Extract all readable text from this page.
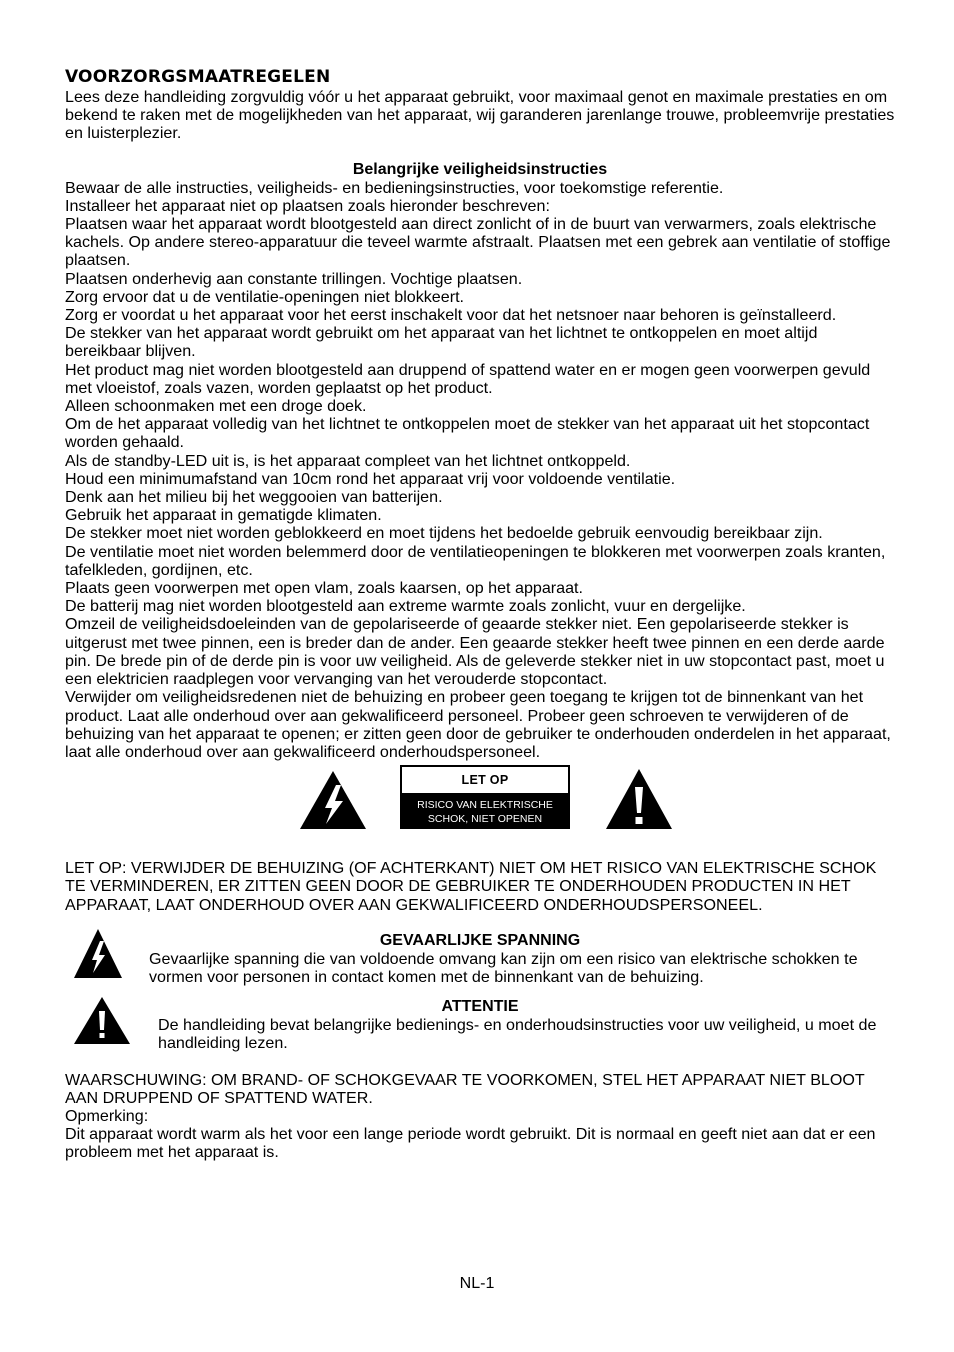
VOORZORGSMAATREGELEN

Lees deze handleiding zorgvuldig vóór u het apparaat gebruikt, voor maximaal genot en maximale prestaties en om bekend te raken met de mogelijkheden van het apparaat, wij garanderen jarenlange trouwe, probleemvrije prestaties en luisterplezier.

Belangrijke veiligheidsinstructies

Bewaar de alle instructies, veiligheids- en bedieningsinstructies, voor toekomstige referentie.

Installeer het apparaat niet op plaatsen zoals hieronder beschreven:

Plaatsen waar het apparaat wordt blootgesteld aan direct zonlicht of in de buurt van verwarmers, zoals elektrische kachels. Op andere stereo-apparatuur die teveel warmte afstraalt. Plaatsen met een gebrek aan ventilatie of stoffige plaatsen.

Plaatsen onderhevig aan constante trillingen. Vochtige plaatsen.

Zorg ervoor dat u de ventilatie-openingen niet blokkeert.

Zorg er voordat u het apparaat voor het eerst inschakelt voor dat het netsnoer naar behoren is geïnstalleerd.

De stekker van het apparaat wordt gebruikt om het apparaat van het lichtnet te ontkoppelen en moet altijd bereikbaar blijven.

Het product mag niet worden blootgesteld aan druppend of spattend water en er mogen geen voorwerpen gevuld met vloeistof, zoals vazen, worden geplaatst op het product.

Alleen schoonmaken met een droge doek.

Om de het apparaat volledig van het lichtnet te ontkoppelen moet de stekker van het apparaat uit het stopcontact worden gehaald.

Als de standby-LED uit is, is het apparaat compleet van het lichtnet ontkoppeld.

Houd een minimumafstand van 10cm rond het apparaat vrij voor voldoende ventilatie.

Denk aan het milieu bij het weggooien van batterijen.

Gebruik het apparaat in gematigde klimaten.

De stekker moet niet worden geblokkeerd en moet tijdens het bedoelde gebruik eenvoudig bereikbaar zijn.

De ventilatie moet niet worden belemmerd door de ventilatieopeningen te blokkeren met voorwerpen zoals kranten, tafelkleden, gordijnen, etc.

Plaats geen voorwerpen met open vlam, zoals kaarsen, op het apparaat.

De batterij mag niet worden blootgesteld aan extreme warmte zoals zonlicht, vuur en dergelijke.

Omzeil de veiligheidsdoeleinden van de gepolariseerde of geaarde stekker niet. Een gepolariseerde stekker is uitgerust met twee pinnen, een is breder dan de ander. Een geaarde stekker heeft twee pinnen en een derde aarde pin. De brede pin of de derde pin is voor uw veiligheid. Als de geleverde stekker niet in uw stopcontact past, moet u een elektricien raadplegen voor vervanging van het verouderde stopcontact.

Verwijder om veiligheidsredenen niet de behuizing en probeer geen toegang te krijgen tot de binnenkant van het product. Laat alle onderhoud over aan gekwalificeerd personeel. Probeer geen schroeven te verwijderen of de behuizing van het apparaat te openen; er zitten geen door de gebruiker te onderhouden onderdelen in het apparaat, laat alle onderhoud over aan gekwalificeerd onderhoudspersoneel.

LET OP
RISICO VAN ELEKTRISCHE
SCHOK, NIET OPENEN

LET OP: VERWIJDER DE BEHUIZING (OF ACHTERKANT) NIET OM HET RISICO VAN ELEKTRISCHE SCHOK TE VERMINDEREN, ER ZITTEN GEEN DOOR DE GEBRUIKER TE ONDERHOUDEN PRODUCTEN IN HET APPARAAT, LAAT ONDERHOUD OVER AAN GEKWALIFICEERD ONDERHOUDSPERSONEEL.

GEVAARLIJKE SPANNING

Gevaarlijke spanning die van voldoende omvang kan zijn om een risico van elektrische schokken te vormen voor personen in contact komen met de binnenkant van de behuizing.

ATTENTIE

De handleiding bevat belangrijke bedienings- en onderhoudsinstructies voor uw veiligheid, u moet de handleiding lezen.

WAARSCHUWING: OM BRAND- OF SCHOKGEVAAR TE VOORKOMEN, STEL HET APPARAAT NIET BLOOT AAN DRUPPEND OF SPATTEND WATER.

Opmerking:

Dit apparaat wordt warm als het voor een lange periode wordt gebruikt. Dit is normaal en geeft niet aan dat er een probleem met het apparaat is.

NL-1
